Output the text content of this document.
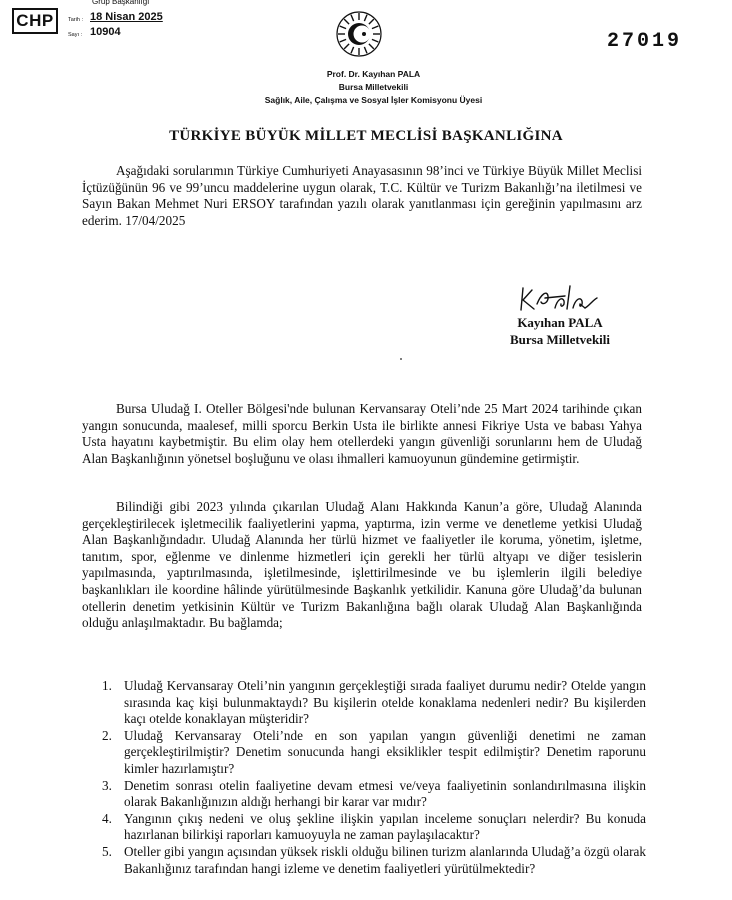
Grup Başkanlığı
CHP	Tarih : 18 Nisan 2025
Sayı : 10904	27019
Prof. Dr. Kayıhan PALA
Bursa Milletvekili
Sağlık, Aile, Çalışma ve Sosyal İşler Komisyonu Üyesi
TÜRKİYE BÜYÜK MİLLET MECLİSİ BAŞKANLIĞINA
Aşağıdaki sorularımın Türkiye Cumhuriyeti Anayasasının 98’inci ve Türkiye Büyük Millet Meclisi İçtüzüğünün 96 ve 99’uncu maddelerine uygun olarak, T.C. Kültür ve Turizm Bakanlığı’na iletilmesi ve Sayın Bakan Mehmet Nuri ERSOY tarafından yazılı olarak yanıtlanması için gereğinin yapılmasını arz ederim. 17/04/2025
Kayıhan PALA
Bursa Milletvekili
Bursa Uludağ I. Oteller Bölgesi'nde bulunan Kervansaray Oteli’nde 25 Mart 2024 tarihinde çıkan yangın sonucunda, maalesef, milli sporcu Berkin Usta ile birlikte annesi Fikriye Usta ve babası Yahya Usta hayatını kaybetmiştir. Bu elim olay hem otellerdeki yangın güvenliği sorunlarını hem de Uludağ Alan Başkanlığının yönetsel boşluğunu ve olası ihmalleri kamuoyunun gündemine getirmiştir.
Bilindiği gibi 2023 yılında çıkarılan Uludağ Alanı Hakkında Kanun’a göre, Uludağ Alanında gerçekleştirilecek işletmecilik faaliyetlerini yapma, yaptırma, izin verme ve denetleme yetkisi Uludağ Alan Başkanlığındadır. Uludağ Alanında her türlü hizmet ve faaliyetler ile koruma, yönetim, işletme, tanıtım, spor, eğlenme ve dinlenme hizmetleri için gerekli her türlü altyapı ve diğer tesislerin yapılmasında, yaptırılmasında, işletilmesinde, işlettirilmesinde ve bu işlemlerin ilgili belediye başkanlıkları ile koordine hâlinde yürütülmesinde Başkanlık yetkilidir. Kanuna göre Uludağ’da bulunan otellerin denetim yetkisinin Kültür ve Turizm Bakanlığına bağlı olarak Uludağ Alan Başkanlığında olduğu anlaşılmaktadır. Bu bağlamda;
1. Uludağ Kervansaray Oteli’nin yangının gerçekleştiği sırada faaliyet durumu nedir? Otelde yangın sırasında kaç kişi bulunmaktaydı? Bu kişilerin otelde konaklama nedenleri nedir? Bu kişilerden kaçı otelde konaklayan müşteridir?
2. Uludağ Kervansaray Oteli’nde en son yapılan yangın güvenliği denetimi ne zaman gerçekleştirilmiştir? Denetim sonucunda hangi eksiklikler tespit edilmiştir? Denetim raporunu kimler hazırlamıştır?
3. Denetim sonrası otelin faaliyetine devam etmesi ve/veya faaliyetinin sonlandırılmasına ilişkin olarak Bakanlığınızın aldığı herhangi bir karar var mıdır?
4. Yangının çıkış nedeni ve oluş şekline ilişkin yapılan inceleme sonuçları nelerdir? Bu konuda hazırlanan bilirkişi raporları kamuoyuyla ne zaman paylaşılacaktır?
5. Oteller gibi yangın açısından yüksek riskli olduğu bilinen turizm alanlarında Uludağ’a özgü olarak Bakanlığınız tarafından hangi izleme ve denetim faaliyetleri yürütülmektedir?
